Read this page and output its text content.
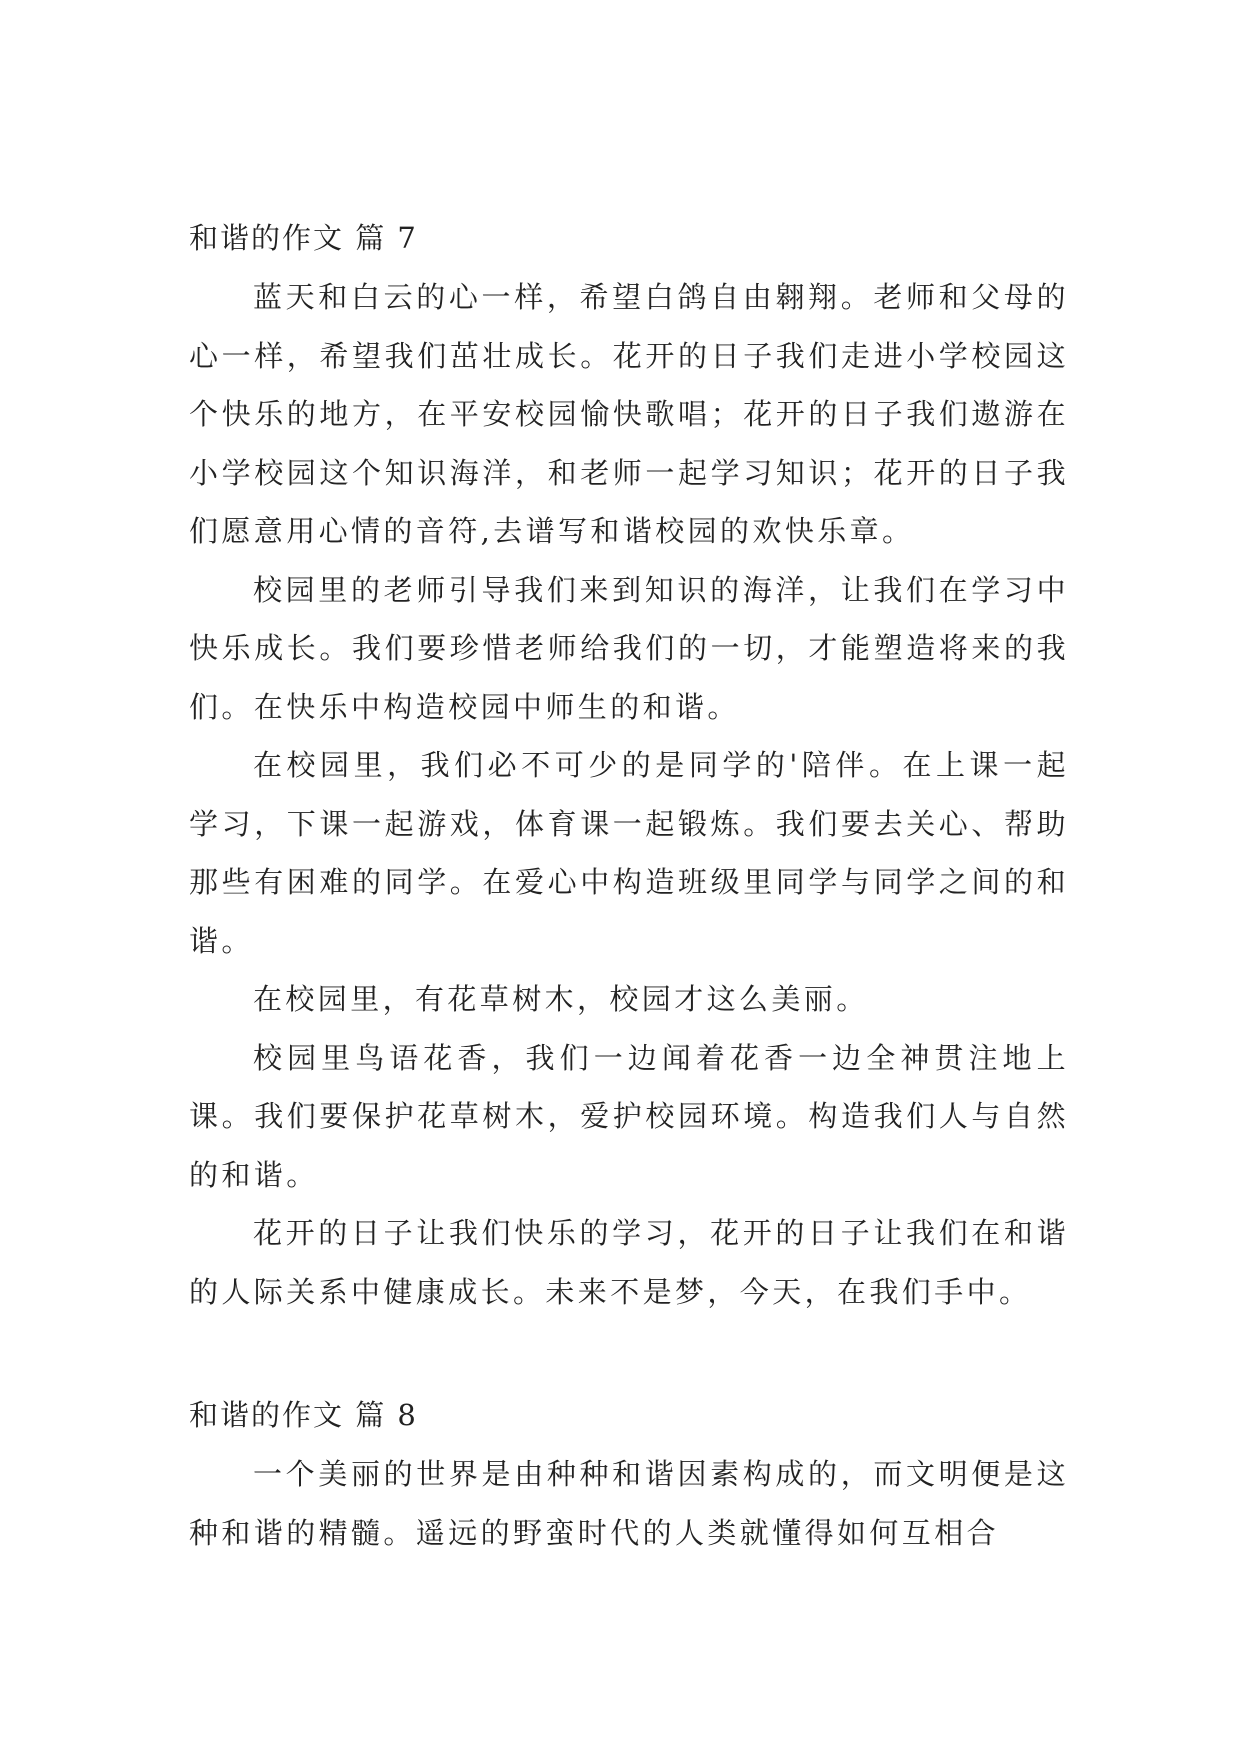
和谐的作文 篇 7

蓝天和白云的心一样，希望白鸽自由翱翔。老师和父母的心一样，希望我们茁壮成长。花开的日子我们走进小学校园这个快乐的地方，在平安校园愉快歌唱；花开的日子我们遨游在小学校园这个知识海洋，和老师一起学习知识；花开的日子我们愿意用心情的音符,去谱写和谐校园的欢快乐章。

校园里的老师引导我们来到知识的海洋，让我们在学习中快乐成长。我们要珍惜老师给我们的一切，才能塑造将来的我们。在快乐中构造校园中师生的和谐。

在校园里，我们必不可少的是同学的'陪伴。在上课一起学习，下课一起游戏，体育课一起锻炼。我们要去关心、帮助那些有困难的同学。在爱心中构造班级里同学与同学之间的和谐。

在校园里，有花草树木，校园才这么美丽。

校园里鸟语花香，我们一边闻着花香一边全神贯注地上课。我们要保护花草树木，爱护校园环境。构造我们人与自然的和谐。

花开的日子让我们快乐的学习，花开的日子让我们在和谐的人际关系中健康成长。未来不是梦，今天，在我们手中。

和谐的作文 篇 8

一个美丽的世界是由种种和谐因素构成的，而文明便是这种和谐的精髓。遥远的野蛮时代的人类就懂得如何互相合
